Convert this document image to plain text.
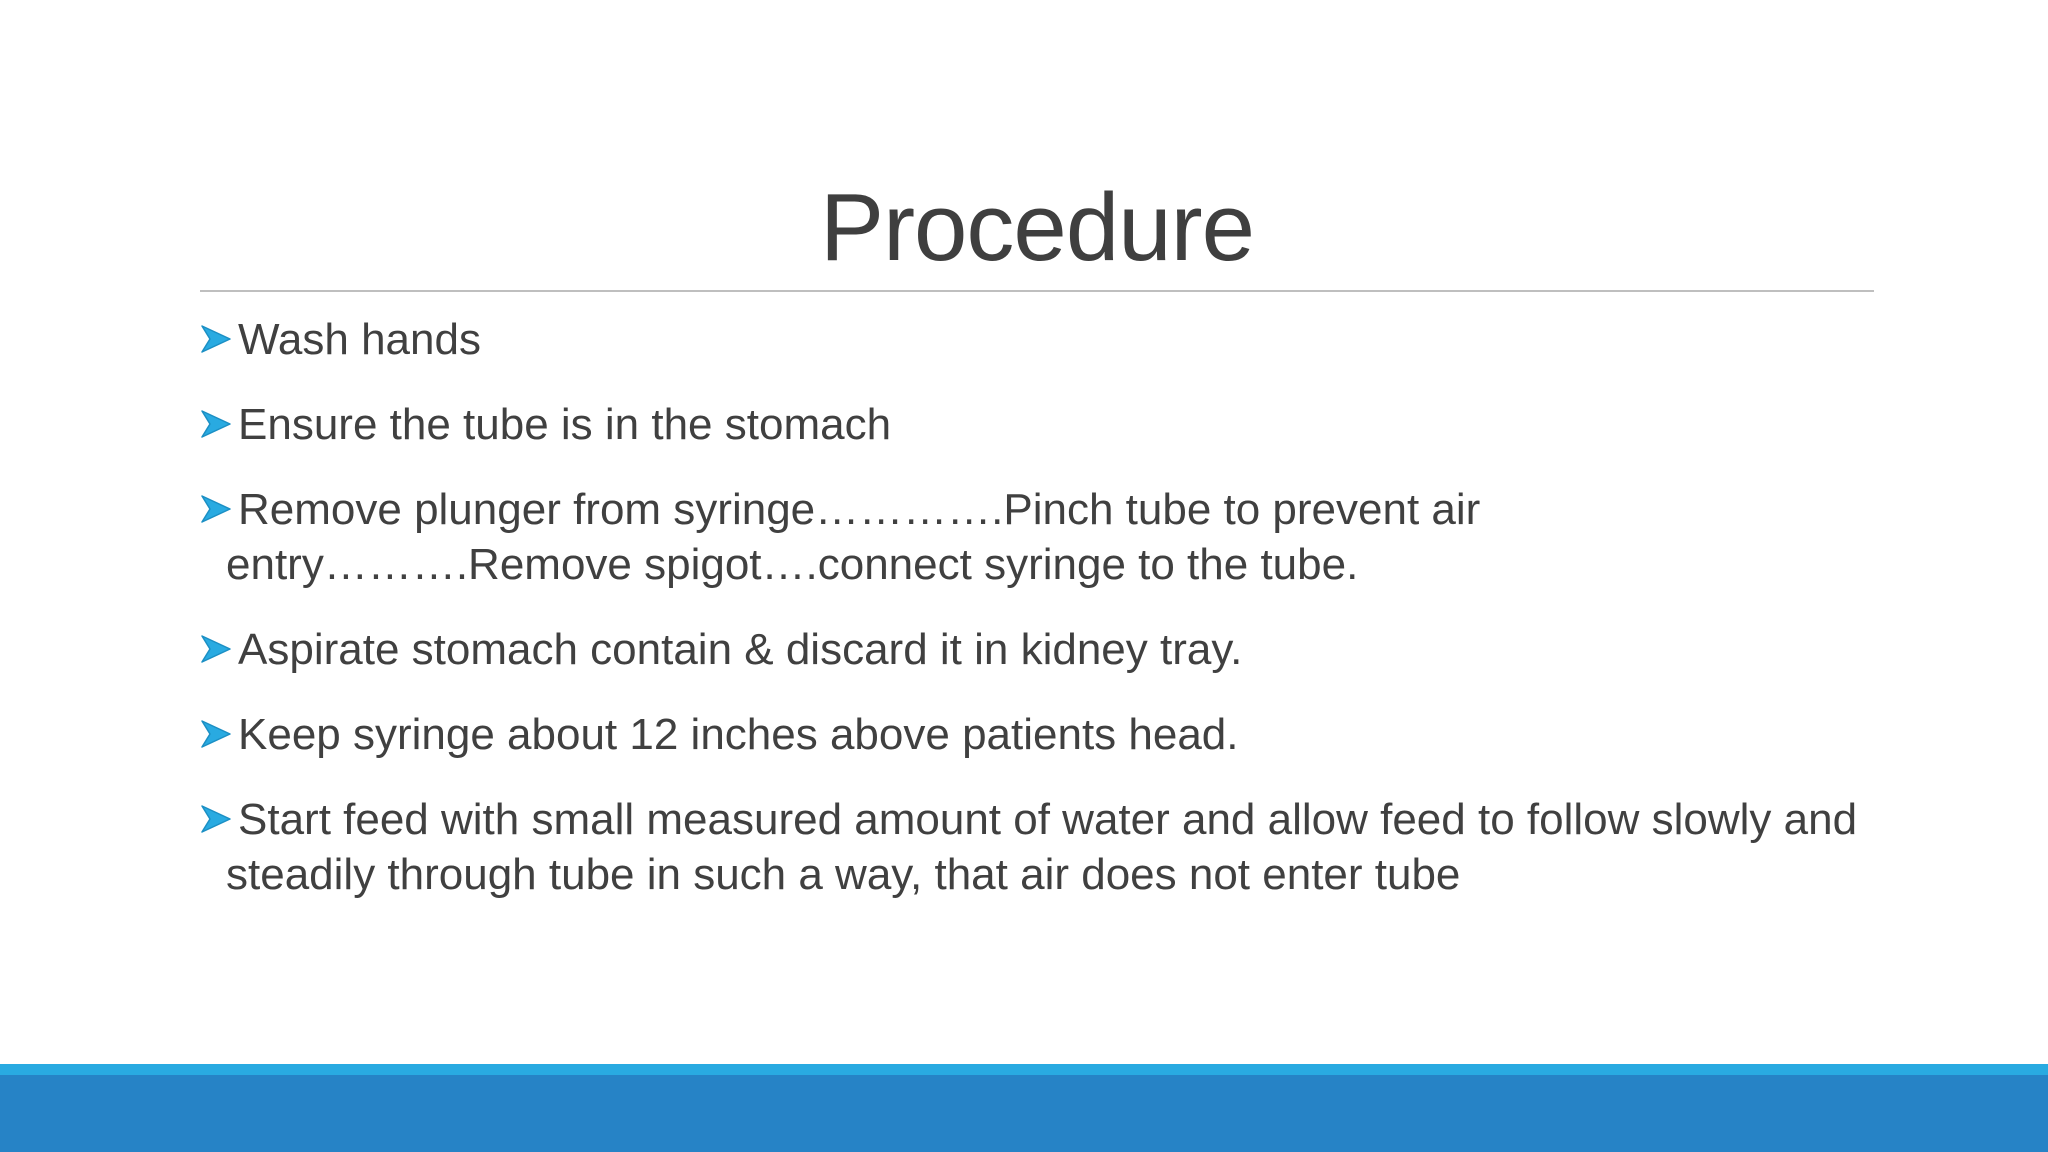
Procedure
Wash hands
Ensure the tube is in the stomach
Remove plunger from syringe………….Pinch tube to prevent air entry……….Remove spigot….connect syringe to the tube.
Aspirate stomach contain & discard it in kidney tray.
Keep syringe about 12 inches above patients head.
Start feed with small measured amount of water and allow feed to follow slowly and steadily through tube in such a way, that air does not enter tube
